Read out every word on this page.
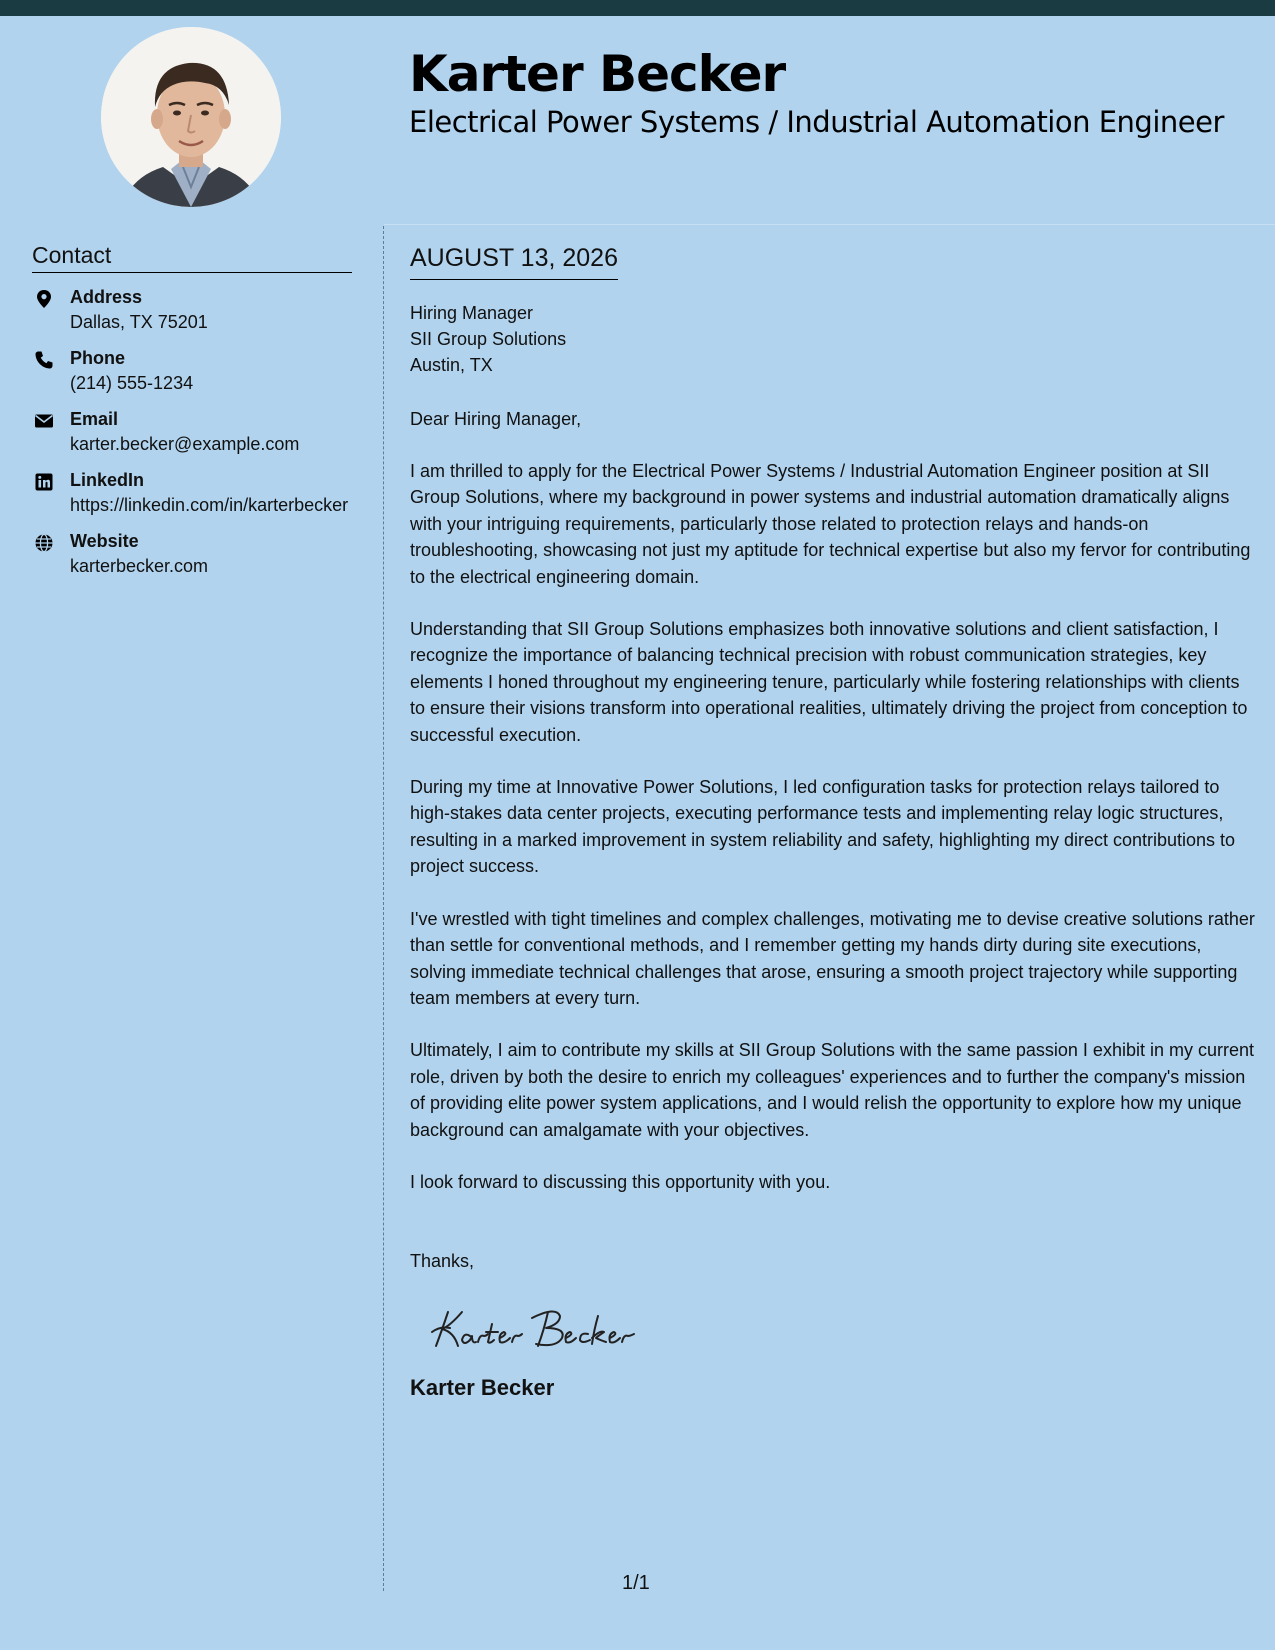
Karter Becker
Electrical Power Systems / Industrial Automation Engineer
Contact
Address
Dallas, TX 75201
Phone
(214) 555-1234
Email
karter.becker@example.com
LinkedIn
https://linkedin.com/in/karterbecker
Website
karterbecker.com
AUGUST 13, 2026
Hiring Manager
SII Group Solutions
Austin, TX
Dear Hiring Manager,

I am thrilled to apply for the Electrical Power Systems / Industrial Automation Engineer position at SII Group Solutions, where my background in power systems and industrial automation dramatically aligns with your intriguing requirements, particularly those related to protection relays and hands-on troubleshooting, showcasing not just my aptitude for technical expertise but also my fervor for contributing to the electrical engineering domain.

Understanding that SII Group Solutions emphasizes both innovative solutions and client satisfaction, I recognize the importance of balancing technical precision with robust communication strategies, key elements I honed throughout my engineering tenure, particularly while fostering relationships with clients to ensure their visions transform into operational realities, ultimately driving the project from conception to successful execution.

During my time at Innovative Power Solutions, I led configuration tasks for protection relays tailored to high-stakes data center projects, executing performance tests and implementing relay logic structures, resulting in a marked improvement in system reliability and safety, highlighting my direct contributions to project success.

I've wrestled with tight timelines and complex challenges, motivating me to devise creative solutions rather than settle for conventional methods, and I remember getting my hands dirty during site executions, solving immediate technical challenges that arose, ensuring a smooth project trajectory while supporting team members at every turn.

Ultimately, I aim to contribute my skills at SII Group Solutions with the same passion I exhibit in my current role, driven by both the desire to enrich my colleagues' experiences and to further the company's mission of providing elite power system applications, and I would relish the opportunity to explore how my unique background can amalgamate with your objectives.

I look forward to discussing this opportunity with you.
Thanks,
Karter Becker
1/1
